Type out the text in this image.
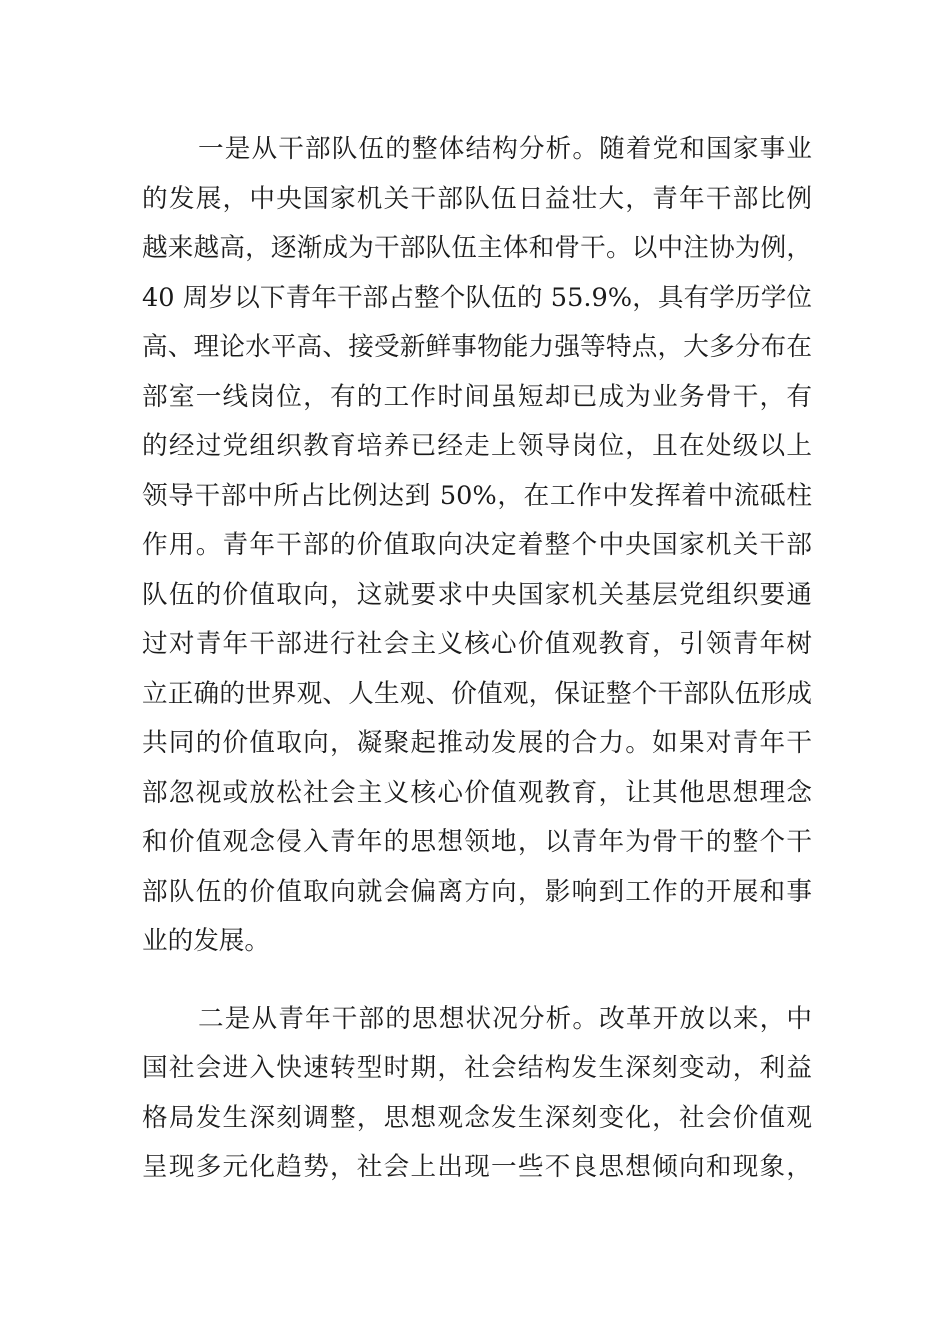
一是从干部队伍的整体结构分析。随着党和国家事业
的发展，中央国家机关干部队伍日益壮大，青年干部比例
越来越高，逐渐成为干部队伍主体和骨干。以中注协为例，
40 周岁以下青年干部占整个队伍的 55.9%，具有学历学位
高、理论水平高、接受新鲜事物能力强等特点，大多分布在
部室一线岗位，有的工作时间虽短却已成为业务骨干，有
的经过党组织教育培养已经走上领导岗位，且在处级以上
领导干部中所占比例达到 50%，在工作中发挥着中流砥柱
作用。青年干部的价值取向决定着整个中央国家机关干部
队伍的价值取向，这就要求中央国家机关基层党组织要通
过对青年干部进行社会主义核心价值观教育，引领青年树
立正确的世界观、人生观、价值观，保证整个干部队伍形成
共同的价值取向，凝聚起推动发展的合力。如果对青年干
部忽视或放松社会主义核心价值观教育，让其他思想理念
和价值观念侵入青年的思想领地，以青年为骨干的整个干
部队伍的价值取向就会偏离方向，影响到工作的开展和事
业的发展。
二是从青年干部的思想状况分析。改革开放以来，中
国社会进入快速转型时期，社会结构发生深刻变动，利益
格局发生深刻调整，思想观念发生深刻变化，社会价值观
呈现多元化趋势，社会上出现一些不良思想倾向和现象，
